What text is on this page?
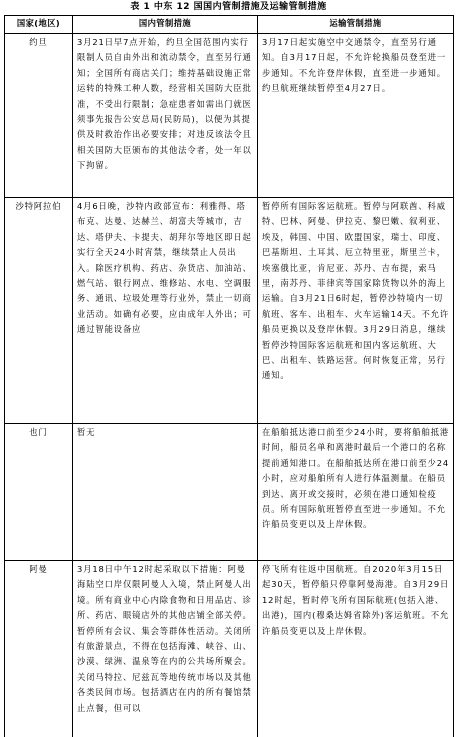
表 1 中东 12 国国内管制措施及运输管制措施
国家(地区)	国内管制措施	运输管制措施
约旦	3月21日早7点开始，约旦全国范围内实行限制人员自由外出和流动禁令，直至另行通知；全国所有商店关门；维持基础设施正常运转的特殊工种人数，经营相关国防大臣批准，不受出行限制；急症患者如需出门就医须事先报告公安总局(民防局)，以便为其提供及时救治作出必要安排；对违反该法令且相关国防大臣颁布的其他法令者，处一年以下拘留。	3月17日起实施空中交通禁令，直至另行通知。自3月17日起，不允许轮换船员登至进一步通知。不允许登岸休假，直至进一步通知。约旦航班继续暂停至4月27日。
沙特阿拉伯	4月6日晚，沙特内政部宣布：利雅得、塔布克、达曼、达赫兰、胡富夫等城市，吉达、塔伊夫、卡提夫、胡拜尔等地区即日起实行全天24小时宵禁，继续禁止人员出入。除医疗机构、药店、杂货店、加油站、燃气站、银行网点、维修站、水电、空调服务、通讯、垃圾处理等行业外，禁止一切商业活动。如确有必要，应由成年人外出；可通过智能设备应	暂停所有国际客运航班。暂停与阿联酋、科威特、巴林、阿曼、伊拉克、黎巴嫩、叙利亚、埃及，韩国、中国、欧盟国家，瑞士、印度、巴基斯坦、土耳其、厄立特里亚，斯里兰卡，埃塞俄比亚，肯尼亚、苏丹、吉布提，索马里，南苏丹、菲律宾等国家除货物以外的海上运输。自3月21日6时起，暂停沙特境内一切航班、客车、出租车、火车运输14天。不允许船员更换以及登岸休假。3月29日消息，继续暂停沙特国际客运航班和国内客运航班、大巴、出租车、铁路运营。何时恢复正常，另行通知。
也门	暂无	在船舶抵达港口前至少24小时，要将船舶抵港时间，船员名单和离港时最后一个港口的名称提前通知港口。在船舶抵达所在港口前至少24小时，应对船舶所有人进行体温测量。在船员到达、离开或交接时，必须在港口通知检疫员。所有国际航班暂停直至进一步通知。不允许船员变更以及上岸休假。
阿曼	3月18日中午12时起采取以下措施：阿曼海陆空口岸仅限阿曼人入境，禁止阿曼人出境。所有商业中心内除食物和日用品店、诊所、药店、眼镜店外的其他店铺全部关停。暂停所有会议、集会等群体性活动。关闭所有旅游景点，不得在包括海滩、峡谷、山、沙漠、绿洲、温泉等在内的公共场所聚会。关闭马特拉、尼兹瓦等地传统市场以及其他各类民间市场。包括酒店在内的所有餐馆禁止点餐，但可以	停飞所有往返中国航班。自2020年3月15日起30天，暂停船只停靠阿曼海港。自3月29日12时起，暂时停飞所有国际航班(包括入港、出港)，国内(穆桑达姆省除外)客运航班。不允许船员变更以及上岸休假。
